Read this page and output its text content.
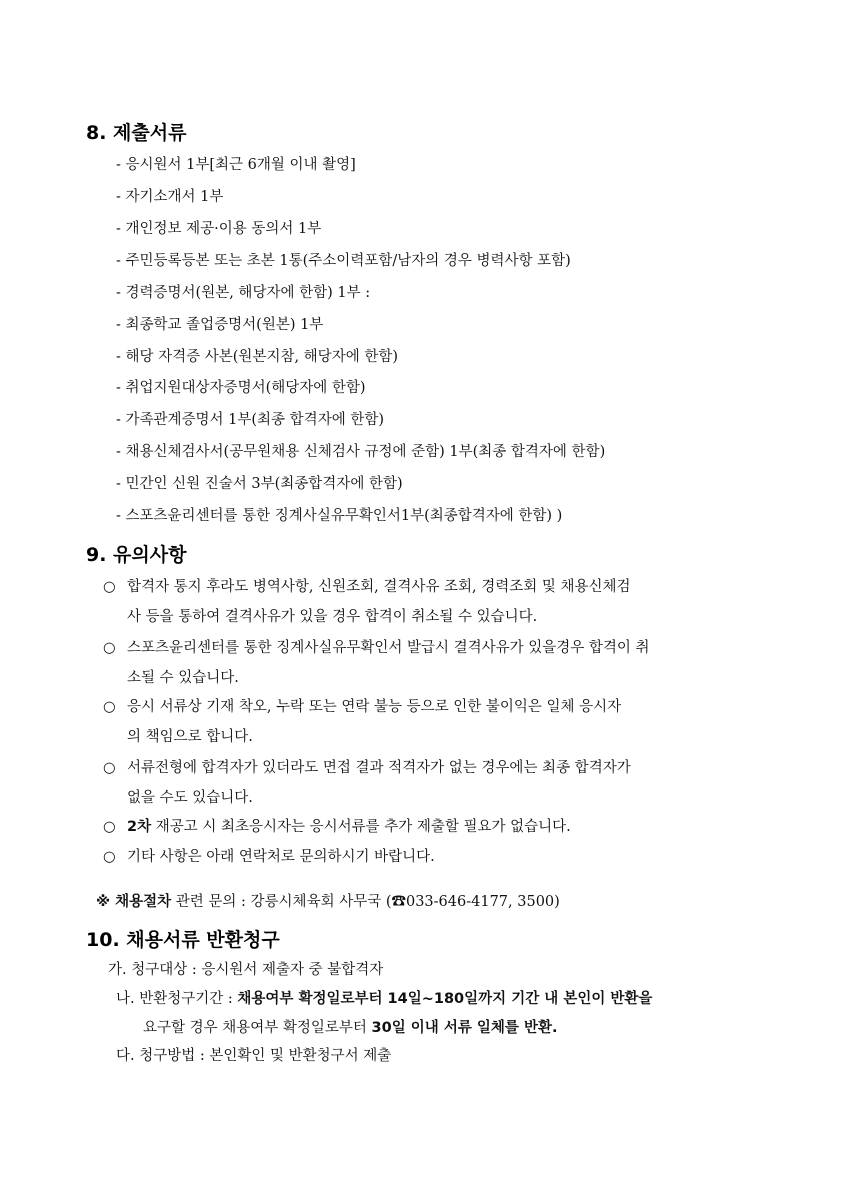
8. 제출서류
- 응시원서 1부[최근 6개월 이내 촬영]
- 자기소개서 1부
- 개인정보 제공·이용 동의서 1부
- 주민등록등본 또는 초본 1통(주소이력포함/남자의 경우 병력사항 포함)
- 경력증명서(원본, 해당자에 한함) 1부 :
- 최종학교 졸업증명서(원본) 1부
- 해당 자격증 사본(원본지참, 해당자에 한함)
- 취업지원대상자증명서(해당자에 한함)
- 가족관계증명서 1부(최종 합격자에 한함)
- 채용신체검사서(공무원채용 신체검사 규정에 준함) 1부(최종 합격자에 한함)
- 민간인 신원 진술서 3부(최종합격자에 한함)
- 스포츠윤리센터를 통한 징계사실유무확인서1부(최종합격자에 한함) )
9. 유의사항
○ 합격자 통지 후라도 병역사항, 신원조회, 결격사유 조회, 경력조회 및 채용신체검
사 등을 통하여 결격사유가 있을 경우 합격이 취소될 수 있습니다.
○ 스포츠윤리센터를 통한 징계사실유무확인서 발급시 결격사유가 있을경우 합격이 취
소될 수 있습니다.
○ 응시 서류상 기재 착오, 누락 또는 연락 불능 등으로 인한 불이익은 일체 응시자
의 책임으로 합니다.
○ 서류전형에 합격자가 있더라도 면접 결과 적격자가 없는 경우에는 최종 합격자가
없을 수도 있습니다.
○ 2차 재공고 시 최초응시자는 응시서류를 추가 제출할 필요가 없습니다.
○ 기타 사항은 아래 연락처로 문의하시기 바랍니다.
※ 채용절차 관련 문의 : 강릉시체육회 사무국 (☎033-646-4177, 3500)
10. 채용서류 반환청구
가. 청구대상 : 응시원서 제출자 중 불합격자
나. 반환청구기간 : 채용여부 확정일로부터 14일~180일까지 기간 내 본인이 반환을
요구할 경우 채용여부 확정일로부터 30일 이내 서류 일체를 반환.
다. 청구방법 : 본인확인 및 반환청구서 제출
